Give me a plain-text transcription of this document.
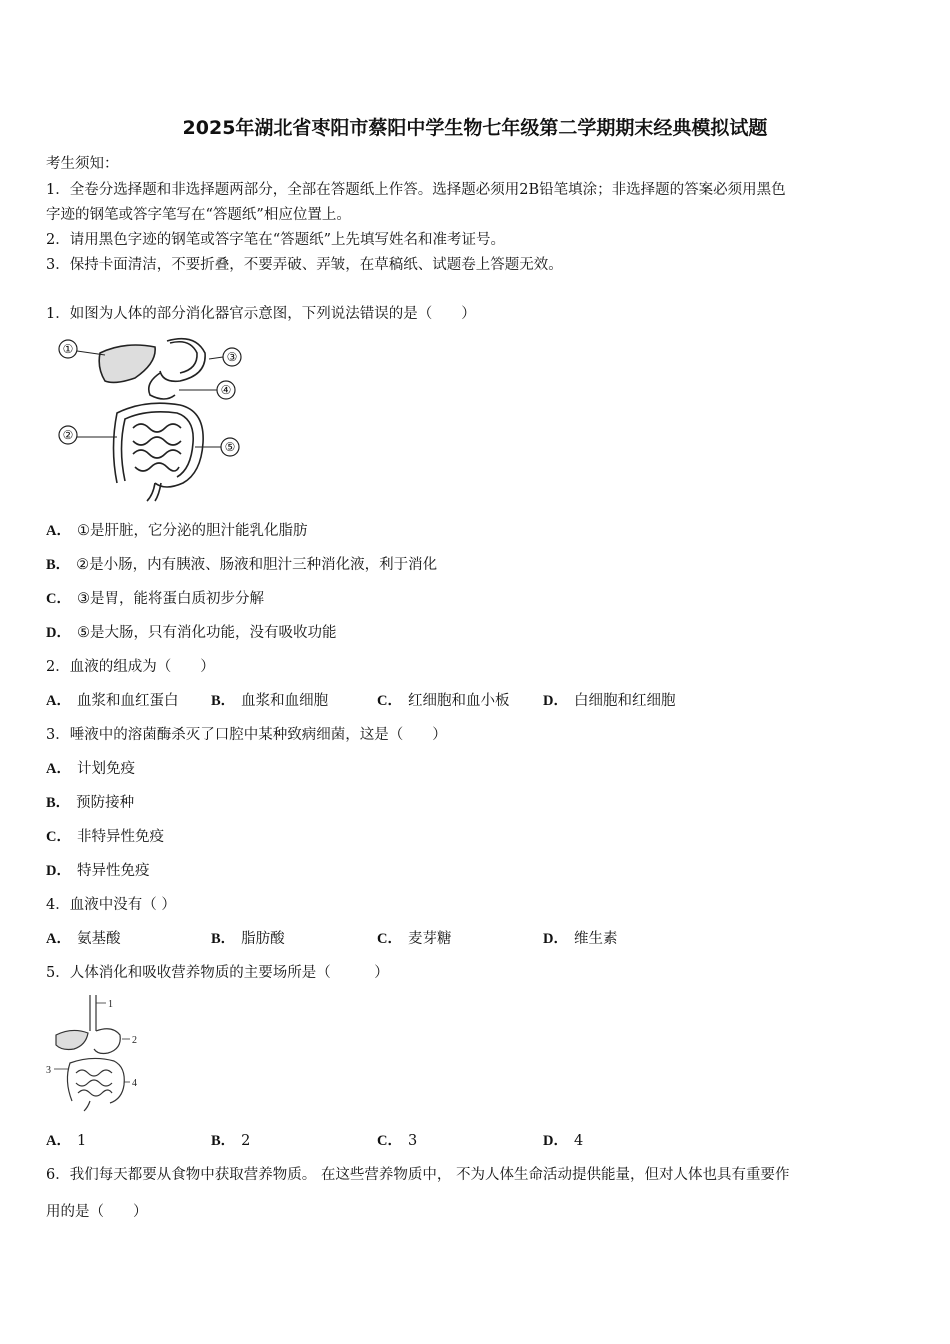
2025年湖北省枣阳市蔡阳中学生物七年级第二学期期末经典模拟试题
考生须知：
1．全卷分选择题和非选择题两部分，全部在答题纸上作答。选择题必须用2B铅笔填涂；非选择题的答案必须用黑色
字迹的钢笔或答字笔写在“答题纸”相应位置上。
2．请用黑色字迹的钢笔或答字笔在“答题纸”上先填写姓名和准考证号。
3．保持卡面清洁，不要折叠，不要弄破、弄皱，在草稿纸、试题卷上答题无效。
1．如图为人体的部分消化器官示意图，下列说法错误的是（　　）
①
②
③
④
⑤
A． ①是肝脏，它分泌的胆汁能乳化脂肪
B． ②是小肠，内有胰液、肠液和胆汁三种消化液，利于消化
C． ③是胃，能将蛋白质初步分解
D． ⑤是大肠，只有消化功能，没有吸收功能
2．血液的组成为（　　）
A． 血浆和血红蛋白 B． 血浆和血细胞	C． 红细胞和血小板 D． 白细胞和红细胞
3．唾液中的溶菌酶杀灭了口腔中某种致病细菌，这是（　　）
A． 计划免疫
B． 预防接种
C． 非特异性免疫
D． 特异性免疫
4．血液中没有（ ）
A． 氨基酸	B． 脂肪酸	C． 麦芽糖	D． 维生素
5．人体消化和吸收营养物质的主要场所是（　　　）
1
2
3
4
A． 1	B． 2	C． 3	D． 4
6．我们每天都要从食物中获取营养物质。 在这些营养物质中， 不为人体生命活动提供能量，但对人体也具有重要作
用的是（　　）
